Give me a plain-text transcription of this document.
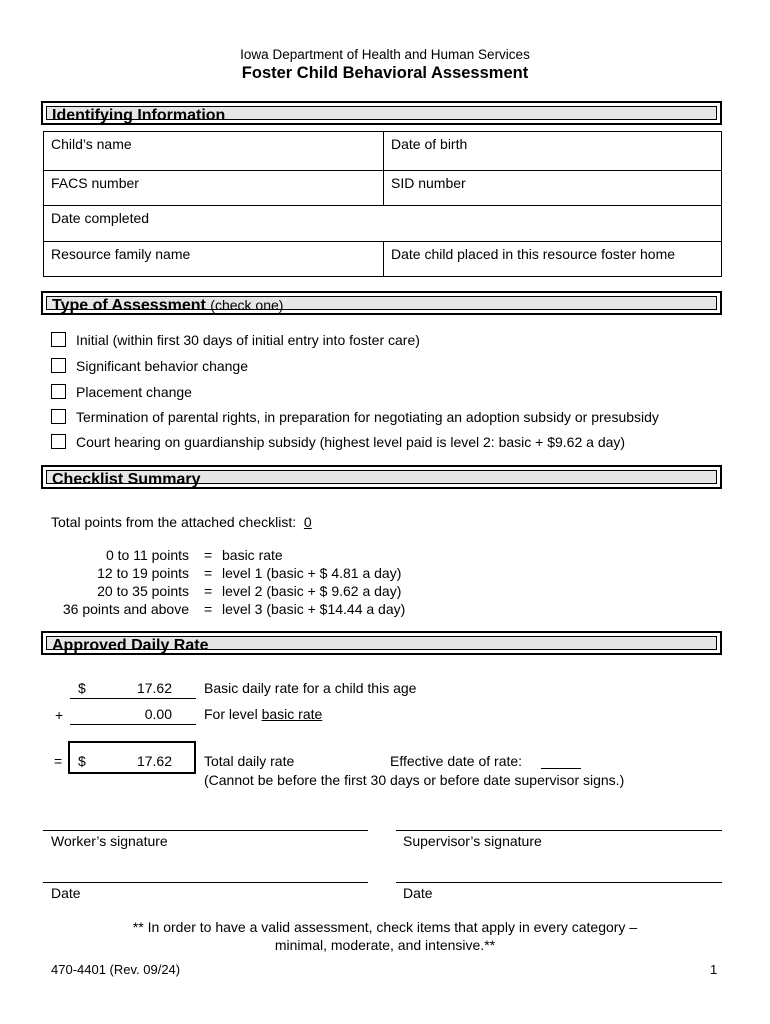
Iowa Department of Health and Human Services
Foster Child Behavioral Assessment
Identifying Information
Child’s name	Date of birth
FACS number	SID number
Date completed
Resource family name	Date child placed in this resource foster home
Type of Assessment (check one)
Initial (within first 30 days of initial entry into foster care)
Significant behavior change
Placement change
Termination of parental rights, in preparation for negotiating an adoption subsidy or presubsidy
Court hearing on guardianship subsidy (highest level paid is level 2: basic + $9.62 a day)
Checklist Summary
Total points from the attached checklist: 0
0 to 11 points = basic rate
12 to 19 points = level 1 (basic + $ 4.81 a day)
20 to 35 points = level 2 (basic + $ 9.62 a day)
36 points and above = level 3 (basic + $14.44 a day)
Approved Daily Rate
$	17.62 Basic daily rate for a child this age
+	0.00 For level basic rate
= $	17.62 Total daily rate	Effective date of rate:
(Cannot be before the first 30 days or before date supervisor signs.)
Worker’s signature	Supervisor’s signature
Date	Date
** In order to have a valid assessment, check items that apply in every category –
minimal, moderate, and intensive.**
470-4401 (Rev. 09/24)	1
